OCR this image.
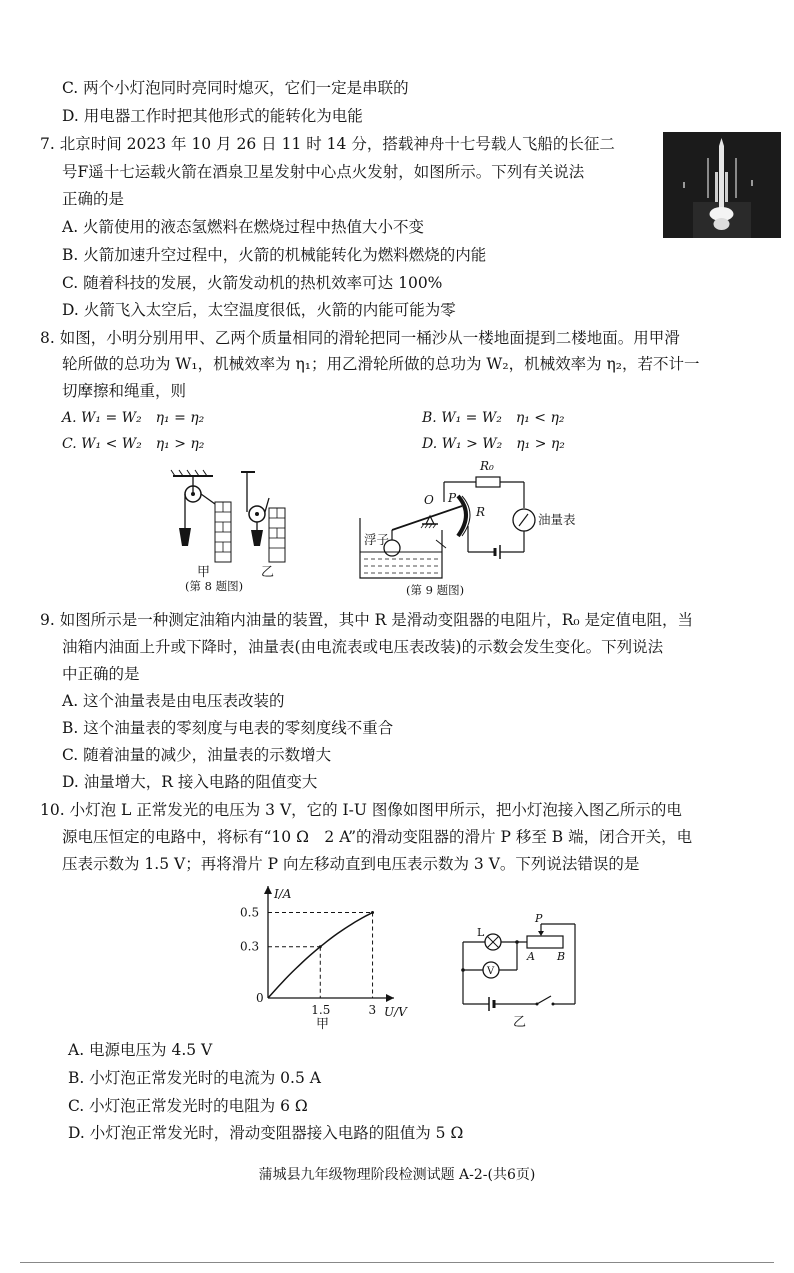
C. 两个小灯泡同时亮同时熄灭，它们一定是串联的
D. 用电器工作时把其他形式的能转化为电能
7. 北京时间 2023 年 10 月 26 日 11 时 14 分，搭载神舟十七号载人飞船的长征二
号F遥十七运载火箭在酒泉卫星发射中心点火发射，如图所示。下列有关说法
正确的是
A. 火箭使用的液态氢燃料在燃烧过程中热值大小不变
B. 火箭加速升空过程中，火箭的机械能转化为燃料燃烧的内能
C. 随着科技的发展，火箭发动机的热机效率可达 100%
D. 火箭飞入太空后，太空温度很低，火箭的内能可能为零
8. 如图，小明分别用甲、乙两个质量相同的滑轮把同一桶沙从一楼地面提到二楼地面。用甲滑
轮所做的总功为 W₁，机械效率为 η₁；用乙滑轮所做的总功为 W₂，机械效率为 η₂，若不计一
切摩擦和绳重，则
A. W₁ = W₂　η₁ = η₂	B. W₁ = W₂　η₁ < η₂
C. W₁ < W₂　η₁ > η₂	D. W₁ > W₂　η₁ > η₂
甲	乙
(第 8 题图)
R₀
O P
R	油量表
浮子
(第 9 题图)
9. 如图所示是一种测定油箱内油量的装置，其中 R 是滑动变阻器的电阻片，R₀ 是定值电阻，当
油箱内油面上升或下降时，油量表(由电流表或电压表改装)的示数会发生变化。下列说法
中正确的是
A. 这个油量表是由电压表改装的
B. 这个油量表的零刻度与电表的零刻度线不重合
C. 随着油量的减少，油量表的示数增大
D. 油量增大，R 接入电路的阻值变大
10. 小灯泡 L 正常发光的电压为 3 V，它的 I-U 图像如图甲所示，把小灯泡接入图乙所示的电
源电压恒定的电路中，将标有“10 Ω　2 A”的滑动变阻器的滑片 P 移至 B 端，闭合开关，电
压表示数为 1.5 V；再将滑片 P 向左移动直到电压表示数为 3 V。下列说法错误的是
I/A
U/V
0.5
0.3
0
1.5	3
甲
L
V
P
A B
乙
A. 电源电压为 4.5 V
B. 小灯泡正常发光时的电流为 0.5 A
C. 小灯泡正常发光时的电阻为 6 Ω
D. 小灯泡正常发光时，滑动变阻器接入电路的阻值为 5 Ω
蒲城县九年级物理阶段检测试题 A-2-(共6页)
